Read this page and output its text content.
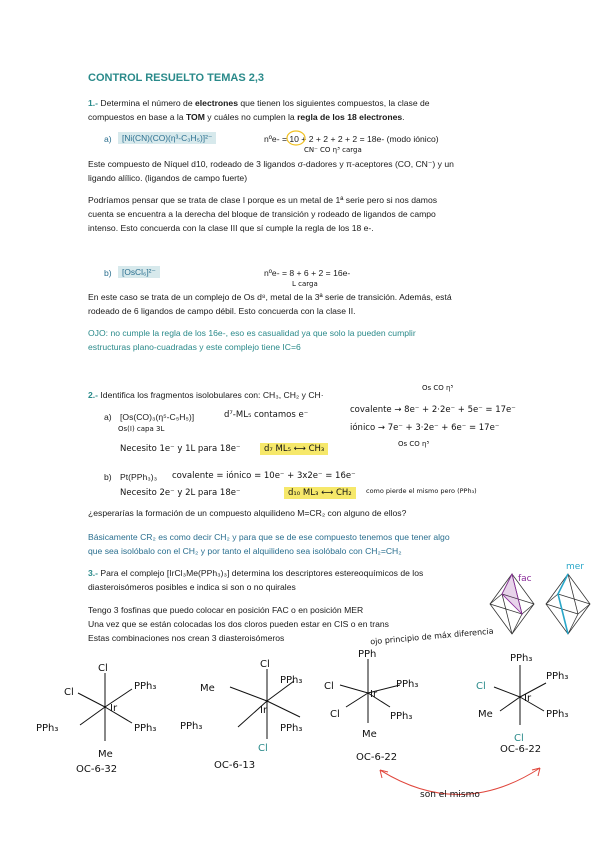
CONTROL RESUELTO TEMAS 2,3
1.- Determina el número de electrones que tienen los siguientes compuestos, la clase de
compuestos en base a la TOM y cuáles no cumplen la regla de los 18 electrones.
a)	[Ni(CN)(CO)(η³-C₃H₅)]²⁻	nºe- = 10 + 2 + 2 + 2 + 2 = 18e- (modo iónico)
CN⁻ CO η³ carga
Este compuesto de Níquel d10, rodeado de 3 ligandos σ-dadores y π-aceptores (CO, CN⁻) y un
ligando alílico. (ligandos de campo fuerte)
Podríamos pensar que se trata de clase I porque es un metal de 1ª serie pero si nos damos
cuenta se encuentra a la derecha del bloque de transición y rodeado de ligandos de campo
intenso. Esto concuerda con la clase III que sí cumple la regla de los 18 e-.
b)	[OsCl₆]²⁻	nºe- = 8 + 6 + 2 = 16e-
L carga
En este caso se trata de un complejo de Os d⁸, metal de la 3ª serie de transición. Además, está
rodeado de 6 ligandos de campo débil. Esto concuerda con la clase II.
OJO: no cumple la regla de los 16e-, eso es casualidad ya que solo la pueden cumplir
estructuras plano-cuadradas y este complejo tiene IC=6
2.- Identifica los fragmentos isolobulares con: CH₃, CH₂ y CH·
a) [Os(CO)₃(η⁵-C₅H₅)]	d⁷-ML₅ contamos e⁻
Os(I) capa 3L
Necesito 1e⁻ y 1L para 18e⁻	d₇ ML₅ ⟷ CH₃
Os CO η⁵
covalente → 8e⁻ + 2·2e⁻ + 5e⁻ = 17e⁻
iónico → 7e⁻ + 3·2e⁻ + 6e⁻ = 17e⁻
Os CO η⁵
b) Pt(PPh₃)₃ covalente = iónico = 10e⁻ + 3x2e⁻ = 16e⁻
Necesito 2e⁻ y 2L para 18e⁻	d₁₀ ML₃ ⟷ CH₂	como pierde el mismo pero (PPh₃)
¿esperarías la formación de un compuesto alquilideno M=CR₂ con alguno de ellos?
Básicamente CR₂ es como decir CH₂ y para que se de ese compuesto tenemos que tener algo
que sea isolóbalo con el CH₂ y por tanto el alquilideno sea isolóbalo con CH₂=CH₂
3.- Para el complejo [IrCl₃Me(PPh₃)₃] determina los descriptores estereoquímicos de los
diasteroisómeros posibles e indica si son o no quirales
Tengo 3 fosfinas que puedo colocar en posición FAC o en posición MER
Una vez que se están colocadas los dos cloros pueden estar en CIS o en trans
Estas combinaciones nos crean 3 diasteroisómeros
fac
mer
ojo principio de máx diferencia
Cl
Cl
PPh₃
PPh₃	PPh₃
Me
Ir
Cl
Me
PPh₃
PPh₃	PPh₃
Cl
Ir
PPh
Cl	PPh₃
Cl	PPh₃
Me
Ir
PPh₃
Cl
PPh₃
Me	PPh₃
Cl
Ir
OC-6-32	OC-6-13
OC-6-22
OC-6-22
son el mismo
